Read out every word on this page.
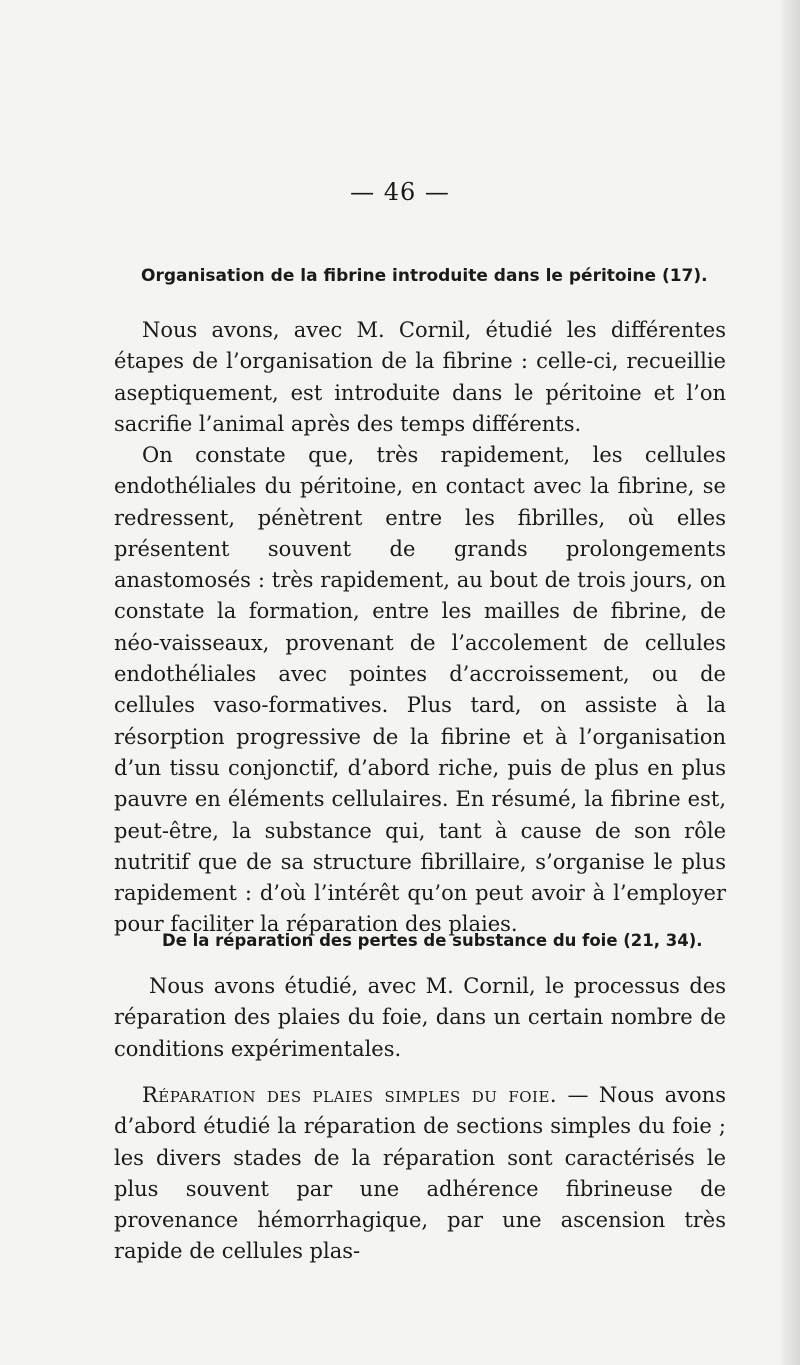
— 46 —
Organisation de la fibrine introduite dans le péritoine (17).
Nous avons, avec M. Cornil, étudié les différentes étapes de l’organisation de la fibrine : celle-ci, recueillie aseptiquement, est introduite dans le péritoine et l’on sacrifie l’animal après des temps différents.
On constate que, très rapidement, les cellules endothéliales du péritoine, en contact avec la fibrine, se redressent, pénètrent entre les fibrilles, où elles présentent souvent de grands prolongements anastomosés : très rapidement, au bout de trois jours, on constate la formation, entre les mailles de fibrine, de néo-vaisseaux, provenant de l’accolement de cellules endothéliales avec pointes d’accroissement, ou de cellules vaso-formatives. Plus tard, on assiste à la résorption progressive de la fibrine et à l’organisation d’un tissu conjonctif, d’abord riche, puis de plus en plus pauvre en éléments cellulaires. En résumé, la fibrine est, peut-être, la substance qui, tant à cause de son rôle nutritif que de sa structure fibrillaire, s’organise le plus rapidement : d’où l’intérêt qu’on peut avoir à l’employer pour faciliter la réparation des plaies.
De la réparation des pertes de substance du foie (21, 34).
Nous avons étudié, avec M. Cornil, le processus des réparation des plaies du foie, dans un certain nombre de conditions expérimentales.
Réparation des plaies simples du foie. — Nous avons d’abord étudié la réparation de sections simples du foie ; les divers stades de la réparation sont caractérisés le plus souvent par une adhérence fibrineuse de provenance hémorrhagique, par une ascension très rapide de cellules plas-
